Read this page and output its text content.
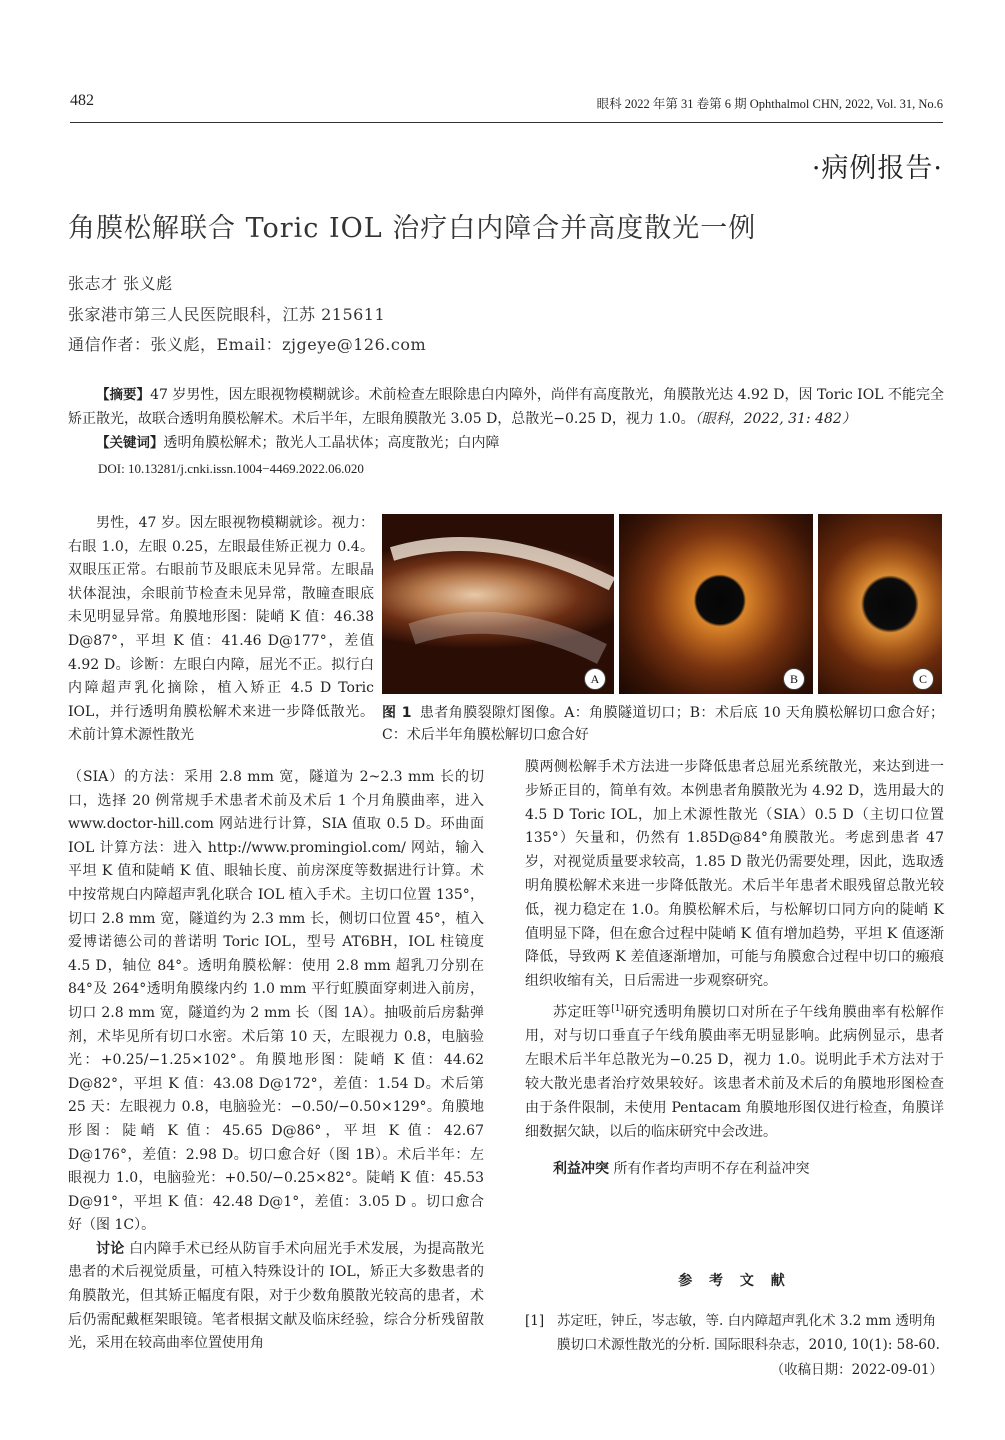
482	眼科 2022 年第 31 卷第 6 期 Ophthalmol CHN, 2022, Vol. 31, No.6
·病例报告·
角膜松解联合 Toric IOL 治疗白内障合并高度散光一例
张志才 张义彪
张家港市第三人民医院眼科，江苏 215611
通信作者：张义彪，Email：zjgeye@126.com
【摘要】47 岁男性，因左眼视物模糊就诊。术前检查左眼除患白内障外，尚伴有高度散光，角膜散光达 4.92 D，因 Toric IOL 不能完全矫正散光，故联合透明角膜松解术。术后半年，左眼角膜散光 3.05 D，总散光−0.25 D，视力 1.0。（眼科，2022, 31: 482）
【关键词】透明角膜松解术；散光人工晶状体；高度散光；白内障
DOI: 10.13281/j.cnki.issn.1004−4469.2022.06.020

男性，47 岁。因左眼视物模糊就诊。视力：右眼 1.0，左眼 0.25，左眼最佳矫正视力 0.4。双眼压正常。右眼前节及眼底未见异常。左眼晶状体混浊，余眼前节检查未见异常，散瞳查眼底未见明显异常。角膜地形图：陡峭 K 值：46.38 D@87°，平坦 K 值：41.46 D@177°，差值 4.92 D。诊断：左眼白内障，屈光不正。拟行白内障超声乳化摘除，植入矫正 4.5 D Toric IOL，并行透明角膜松解术来进一步降低散光。术前计算术源性散光

A	B	C
图 1 患者角膜裂隙灯图像。A：角膜隧道切口；B：术后底 10 天角膜松解切口愈合好；C：术后半年角膜松解切口愈合好

（SIA）的方法：采用 2.8 mm 宽，隧道为 2~2.3 mm 长的切口，选择 20 例常规手术患者术前及术后 1 个月角膜曲率，进入 www.doctor-hill.com 网站进行计算，SIA 值取 0.5 D。环曲面 IOL 计算方法：进入 http://www.promingiol.com/ 网站，输入平坦 K 值和陡峭 K 值、眼轴长度、前房深度等数据进行计算。术中按常规白内障超声乳化联合 IOL 植入手术。主切口位置 135°，切口 2.8 mm 宽，隧道约为 2.3 mm 长，侧切口位置 45°，植入爱博诺德公司的普诺明 Toric IOL，型号 AT6BH，IOL 柱镜度 4.5 D，轴位 84°。透明角膜松解：使用 2.8 mm 超乳刀分别在 84°及 264°透明角膜缘内约 1.0 mm 平行虹膜面穿刺进入前房，切口 2.8 mm 宽，隧道约为 2 mm 长（图 1A）。抽吸前后房黏弹剂，术毕见所有切口水密。术后第 10 天，左眼视力 0.8，电脑验光：+0.25/−1.25×102°。角膜地形图：陡峭 K 值：44.62 D@82°，平坦 K 值：43.08 D@172°，差值：1.54 D。术后第 25 天：左眼视力 0.8，电脑验光：−0.50/−0.50×129°。角膜地形图：陡峭 K 值：45.65 D@86°，平坦 K 值：42.67 D@176°，差值：2.98 D。切口愈合好（图 1B）。术后半年：左眼视力 1.0，电脑验光：+0.50/−0.25×82°。陡峭 K 值：45.53 D@91°，平坦 K 值：42.48 D@1°，差值：3.05 D 。切口愈合好（图 1C）。

讨论 白内障手术已经从防盲手术向屈光手术发展，为提高散光患者的术后视觉质量，可植入特殊设计的 IOL，矫正大多数患者的角膜散光，但其矫正幅度有限，对于少数角膜散光较高的患者，术后仍需配戴框架眼镜。笔者根据文献及临床经验，综合分析残留散光，采用在较高曲率位置使用角

膜两侧松解手术方法进一步降低患者总屈光系统散光，来达到进一步矫正目的，简单有效。本例患者角膜散光为 4.92 D，选用最大的 4.5 D Toric IOL，加上术源性散光（SIA）0.5 D（主切口位置 135°）矢量和，仍然有 1.85D@84°角膜散光。考虑到患者 47 岁，对视觉质量要求较高，1.85 D 散光仍需要处理，因此，选取透明角膜松解术来进一步降低散光。术后半年患者术眼残留总散光较低，视力稳定在 1.0。角膜松解术后，与松解切口同方向的陡峭 K 值明显下降，但在愈合过程中陡峭 K 值有增加趋势，平坦 K 值逐渐降低，导致两 K 差值逐渐增加，可能与角膜愈合过程中切口的瘢痕组织收缩有关，日后需进一步观察研究。

苏定旺等[1]研究透明角膜切口对所在子午线角膜曲率有松解作用，对与切口垂直子午线角膜曲率无明显影响。此病例显示，患者左眼术后半年总散光为−0.25 D，视力 1.0。说明此手术方法对于较大散光患者治疗效果较好。该患者术前及术后的角膜地形图检查由于条件限制，未使用 Pentacam 角膜地形图仅进行检查，角膜详细数据欠缺，以后的临床研究中会改进。

利益冲突 所有作者均声明不存在利益冲突

参 考 文 献
[1] 苏定旺，钟丘，岑志敏，等. 白内障超声乳化术 3.2 mm 透明角膜切口术源性散光的分析. 国际眼科杂志，2010, 10(1): 58-60.
（收稿日期：2022-09-01）
